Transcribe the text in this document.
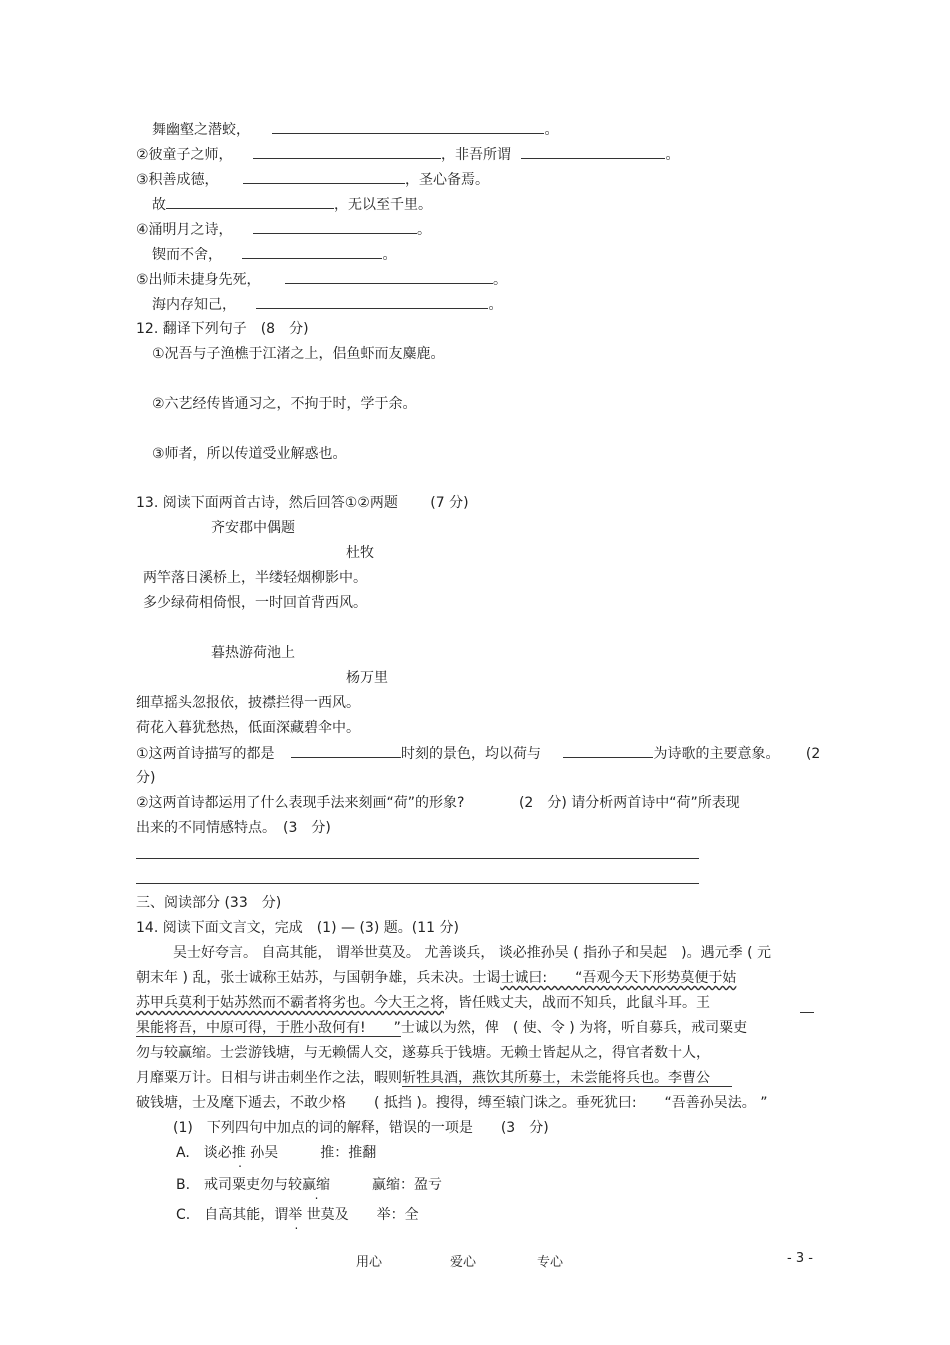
舞幽壑之潜蛟，	。
②彼童子之师，	，非吾所谓	。
③积善成德，	，圣心备焉。
故	，无以至千里。
④涌明月之诗，	。
锲而不舍，	。
⑤出师未捷身先死，	。
海内存知己，	。
12. 翻译下列句子　(8　分)
①况吾与子渔樵于江渚之上，侣鱼虾而友麋鹿。
②六艺经传皆通习之，不拘于时，学于余。
③师者，所以传道受业解惑也。
13. 阅读下面两首古诗，然后回答①②两题 (7 分)
齐安郡中偶题
杜牧
两竿落日溪桥上，半缕轻烟柳影中。
多少绿荷相倚恨，一时回首背西风。
暮热游荷池上
杨万里
细草摇头忽报依，披襟拦得一西风。
荷花入暮犹愁热，低面深藏碧伞中。
①这两首诗描写的都是	时刻的景色，均以荷与	为诗歌的主要意象。 (2
分)
②这两首诗都运用了什么表现手法来刻画“荷”的形象?	(2　分) 请分析两首诗中“荷”所表现
出来的不同情感特点。　(3　分)
三、阅读部分 (33　分)
14. 阅读下面文言文，完成　(1) — (3) 题。(11 分)
吴士好夸言。 自高其能， 谓举世莫及。 尤善谈兵， 谈必推孙吴 ( 指孙子和吴起　)。遇元季 ( 元
朝末年 ) 乱，张士诚称王姑苏，与国朝争雄，兵未决。士谒士诚曰:　　“吾观今天下形势莫便于姑
苏甲兵莫利于姑苏然而不霸者将劣也。今大王之将，皆任贱丈夫，战而不知兵，此鼠斗耳。王
果能将吾，中原可得，于胜小敌何有!　　”士诚以为然，俾　( 使、令 ) 为将，听自募兵，戒司粟吏
勿与较赢缩。士尝游钱塘，与无赖儒人交，遂募兵于钱塘。无赖士皆起从之，得官者数十人，
月靡粟万计。日相与讲击刺坐作之法，暇则斩牲具酒，燕饮其所募士，未尝能将兵也。李曹公
破钱塘，士及麾下遁去，不敢少格　　( 抵挡 )。搜得，缚至辕门诛之。垂死犹曰:　　“吾善孙吴法。 ”
(1)　下列四句中加点的词的解释，错误的一项是　　(3　分)
A.　谈必推 孙吴　　　推：推翻
B.　戒司粟吏勿与较赢缩　　　赢缩：盈亏
C.　自高其能，谓举 世莫及　　举：全
用心	爱心	专心	- 3 -
